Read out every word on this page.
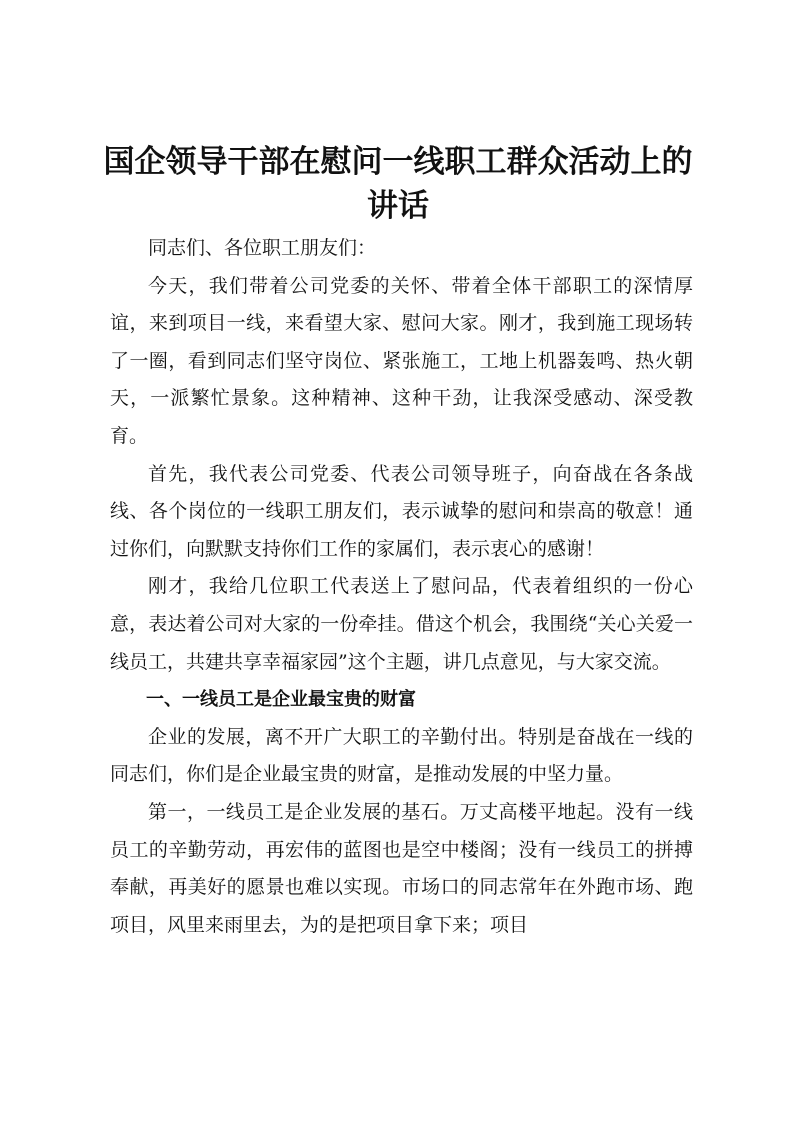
国企领导干部在慰问一线职工群众活动上的讲话

同志们、各位职工朋友们：

今天，我们带着公司党委的关怀、带着全体干部职工的深情厚谊，来到项目一线，来看望大家、慰问大家。刚才，我到施工现场转了一圈，看到同志们坚守岗位、紧张施工，工地上机器轰鸣、热火朝天，一派繁忙景象。这种精神、这种干劲，让我深受感动、深受教育。

首先，我代表公司党委、代表公司领导班子，向奋战在各条战线、各个岗位的一线职工朋友们，表示诚挚的慰问和崇高的敬意！通过你们，向默默支持你们工作的家属们，表示衷心的感谢！

刚才，我给几位职工代表送上了慰问品，代表着组织的一份心意，表达着公司对大家的一份牵挂。借这个机会，我围绕“关心关爱一线员工，共建共享幸福家园”这个主题，讲几点意见，与大家交流。

一、一线员工是企业最宝贵的财富

企业的发展，离不开广大职工的辛勤付出。特别是奋战在一线的同志们，你们是企业最宝贵的财富，是推动发展的中坚力量。

第一，一线员工是企业发展的基石。万丈高楼平地起。没有一线员工的辛勤劳动，再宏伟的蓝图也是空中楼阁；没有一线员工的拼搏奉献，再美好的愿景也难以实现。市场口的同志常年在外跑市场、跑项目，风里来雨里去，为的是把项目拿下来；项目
